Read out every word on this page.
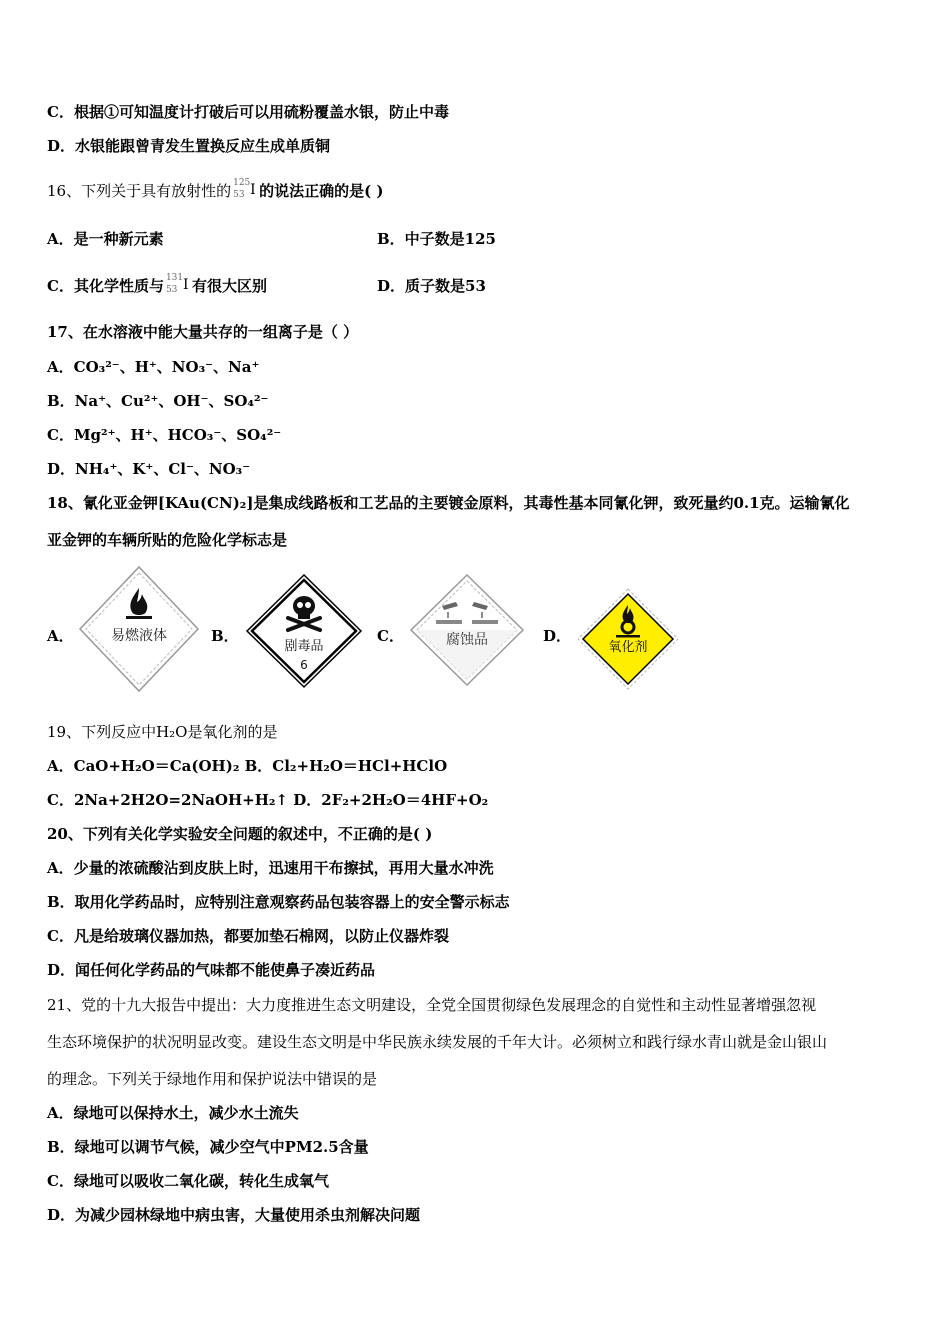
C．根据①可知温度计打破后可以用硫粉覆盖水银，防止中毒
D．水银能跟曾青发生置换反应生成单质铜
16、下列关于具有放射性的 125
53 I 的说法正确的是( )
A．是一种新元素	B．中子数是125
C．其化学性质与 131
53 I 有很大区别	D．质子数是53
17、在水溶液中能大量共存的一组离子是（ ）
A．CO₃²⁻、H⁺、NO₃⁻、Na⁺
B．Na⁺、Cu²⁺、OH⁻、SO₄²⁻
C．Mg²⁺、H⁺、HCO₃⁻、SO₄²⁻
D．NH₄⁺、K⁺、Cl⁻、NO₃⁻
18、氰化亚金钾[KAu(CN)₂]是集成线路板和工艺品的主要镀金原料，其毒性基本同氰化钾，致死量约0.1克。运输氰化
亚金钾的车辆所贴的危险化学标志是
A．	B．	C．	D．
易燃液体
剧毒品
6
腐蚀品	氧化剂
19、下列反应中H₂O是氧化剂的是
A．CaO+H₂O＝Ca(OH)₂ B．Cl₂+H₂O＝HCl+HClO
C．2Na+2H2O=2NaOH+H₂↑ D．2F₂+2H₂O＝4HF+O₂
20、下列有关化学实验安全问题的叙述中，不正确的是( )
A．少量的浓硫酸沾到皮肤上时，迅速用干布擦拭，再用大量水冲洗
B．取用化学药品时，应特别注意观察药品包装容器上的安全警示标志
C．凡是给玻璃仪器加热，都要加垫石棉网，以防止仪器炸裂
D．闻任何化学药品的气味都不能使鼻子凑近药品
21、党的十九大报告中提出：大力度推进生态文明建设，全党全国贯彻绿色发展理念的自觉性和主动性显著增强忽视
生态环境保护的状况明显改变。建设生态文明是中华民族永续发展的千年大计。必须树立和践行绿水青山就是金山银山
的理念。下列关于绿地作用和保护说法中错误的是
A．绿地可以保持水土，减少水土流失
B．绿地可以调节气候，减少空气中PM2.5含量
C．绿地可以吸收二氧化碳，转化生成氧气
D．为减少园林绿地中病虫害，大量使用杀虫剂解决问题
